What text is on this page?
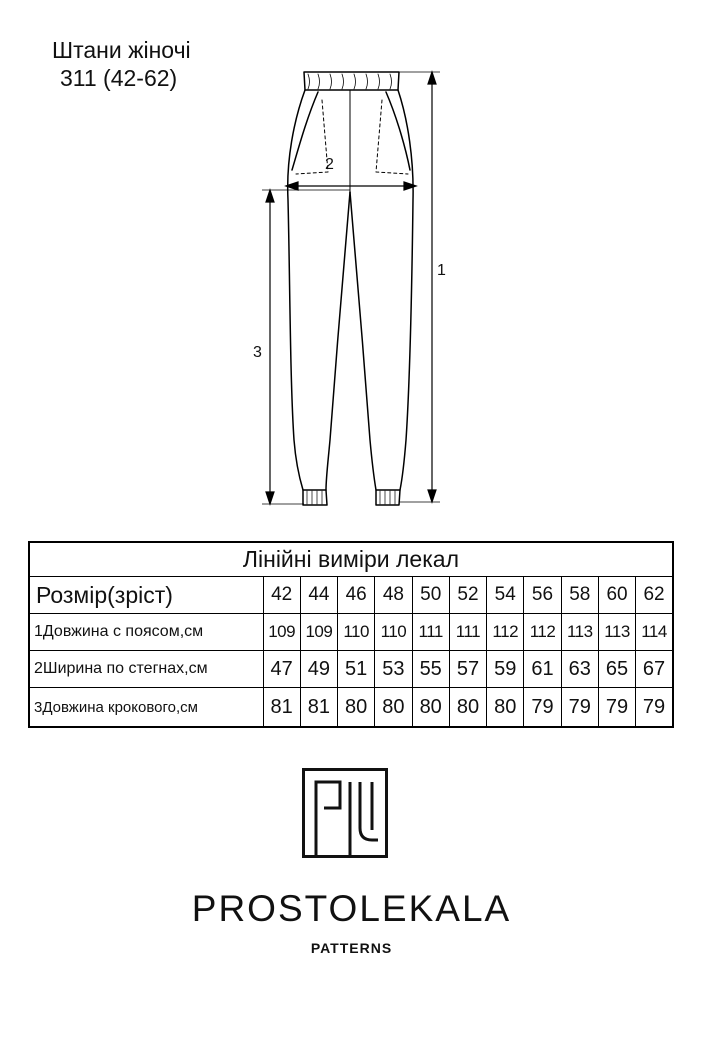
Штани жіночі
311 (42-62)
1
2
3
Лінійні виміри лекал											
Розмір(зріст)	42	44	46	48	50	52	54	56	58	60	62
1Довжина с поясом,см	109	109	110	110	111	111	112	112	113	113	114
2Ширина по стегнах,см	47	49	51	53	55	57	59	61	63	65	67
3Довжина крокового,см	81	81	80	80	80	80	80	79	79	79	79
PROSTOLEKALA
PATTERNS
